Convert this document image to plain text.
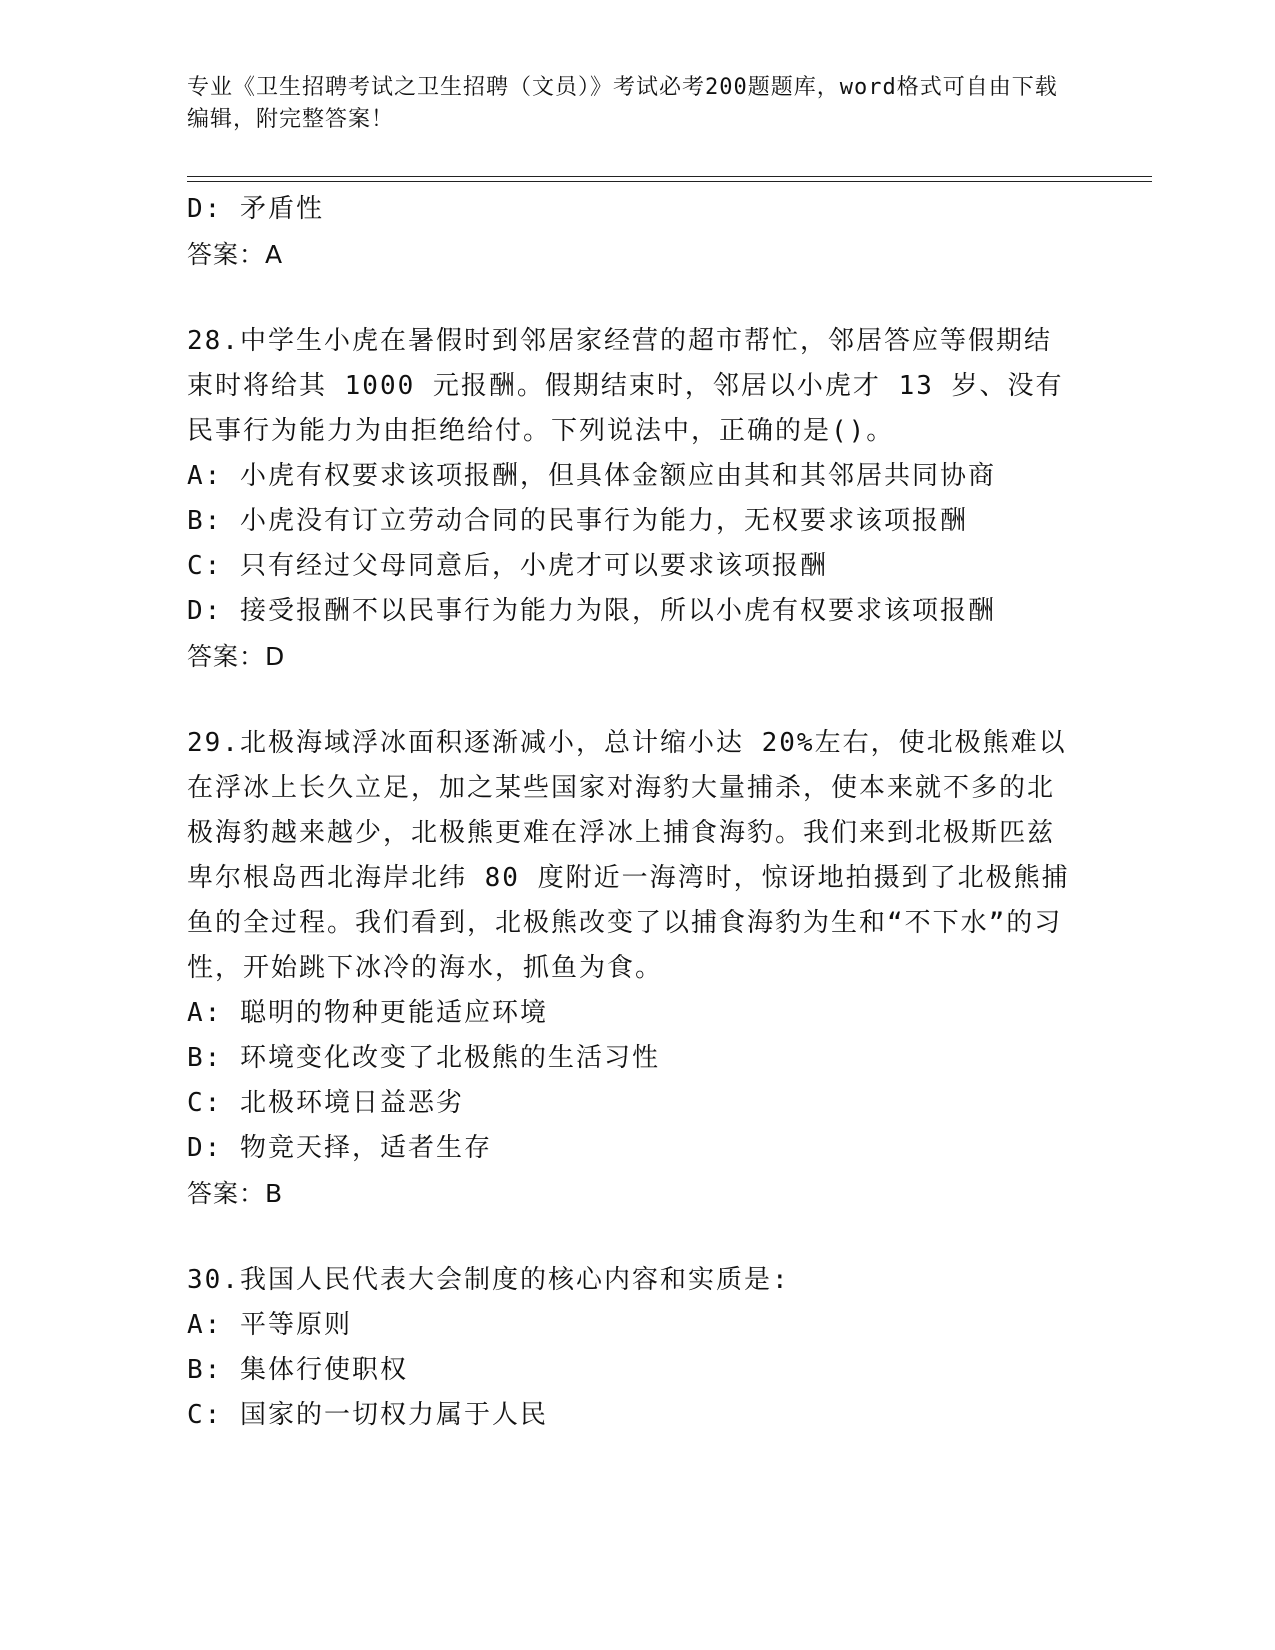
专业《卫生招聘考试之卫生招聘（文员）》考试必考200题题库，word格式可自由下载编辑，附完整答案！
D: 矛盾性
答案：A
28.中学生小虎在暑假时到邻居家经营的超市帮忙，邻居答应等假期结束时将给其 1000 元报酬。假期结束时，邻居以小虎才 13 岁、没有民事行为能力为由拒绝给付。下列说法中，正确的是()。
A: 小虎有权要求该项报酬，但具体金额应由其和其邻居共同协商
B: 小虎没有订立劳动合同的民事行为能力，无权要求该项报酬
C: 只有经过父母同意后，小虎才可以要求该项报酬
D: 接受报酬不以民事行为能力为限，所以小虎有权要求该项报酬
答案：D
29.北极海域浮冰面积逐渐减小，总计缩小达 20%左右，使北极熊难以在浮冰上长久立足，加之某些国家对海豹大量捕杀，使本来就不多的北极海豹越来越少，北极熊更难在浮冰上捕食海豹。我们来到北极斯匹兹卑尔根岛西北海岸北纬 80 度附近一海湾时，惊讶地拍摄到了北极熊捕鱼的全过程。我们看到，北极熊改变了以捕食海豹为生和“不下水”的习性，开始跳下冰冷的海水，抓鱼为食。
A: 聪明的物种更能适应环境
B: 环境变化改变了北极熊的生活习性
C: 北极环境日益恶劣
D: 物竞天择，适者生存
答案：B
30.我国人民代表大会制度的核心内容和实质是:
A: 平等原则
B: 集体行使职权
C: 国家的一切权力属于人民
